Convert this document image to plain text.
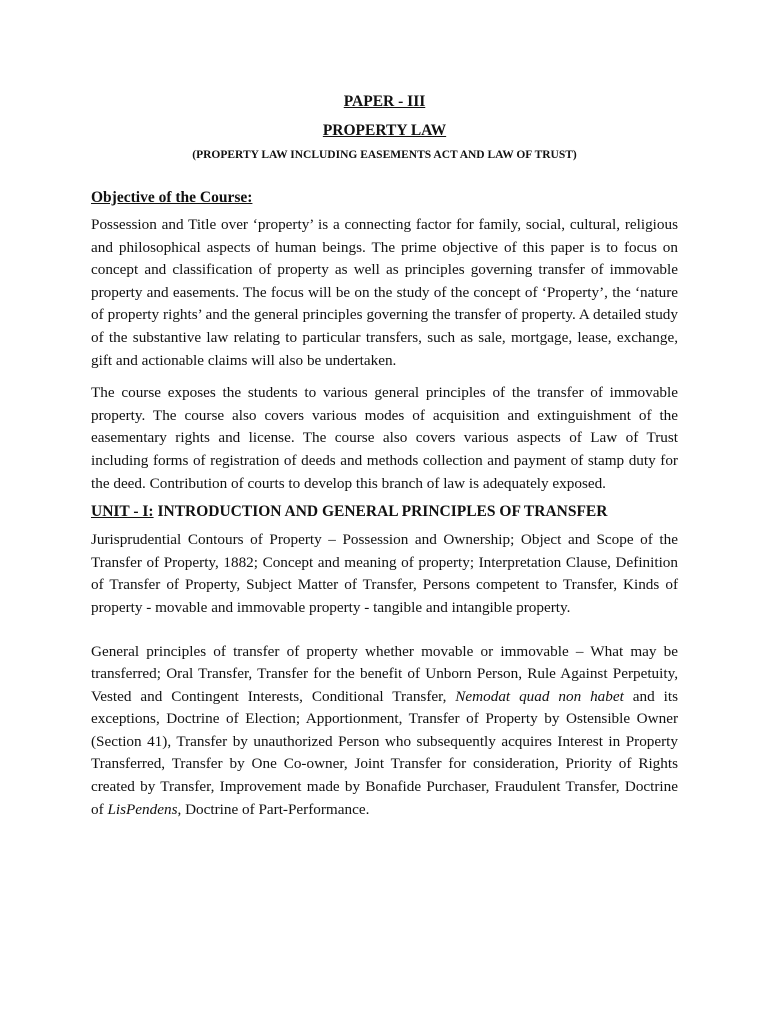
PAPER - III
PROPERTY LAW
(PROPERTY LAW INCLUDING EASEMENTS ACT AND LAW OF TRUST)
Objective of the Course:

Possession and Title over ‘property’ is a connecting factor for family, social, cultural, religious and philosophical aspects of human beings. The prime objective of this paper is to focus on concept and classification of property as well as principles governing transfer of immovable property and easements. The focus will be on the study of the concept of ‘Property’, the ‘nature of property rights’ and the general principles governing the transfer of property. A detailed study of the substantive law relating to particular transfers, such as sale, mortgage, lease, exchange, gift and actionable claims will also be undertaken.

The course exposes the students to various general principles of the transfer of immovable property. The course also covers various modes of acquisition and extinguishment of the easementary rights and license. The course also covers various aspects of Law of Trust including forms of registration of deeds and methods collection and payment of stamp duty for the deed. Contribution of courts to develop this branch of law is adequately exposed.

UNIT - I: INTRODUCTION AND GENERAL PRINCIPLES OF TRANSFER

Jurisprudential Contours of Property – Possession and Ownership; Object and Scope of the Transfer of Property, 1882; Concept and meaning of property; Interpretation Clause, Definition of Transfer of Property, Subject Matter of Transfer, Persons competent to Transfer, Kinds of property - movable and immovable property - tangible and intangible property.

General principles of transfer of property whether movable or immovable – What may be transferred; Oral Transfer, Transfer for the benefit of Unborn Person, Rule Against Perpetuity, Vested and Contingent Interests, Conditional Transfer, Nemodat quad non habet and its exceptions, Doctrine of Election; Apportionment, Transfer of Property by Ostensible Owner (Section 41), Transfer by unauthorized Person who subsequently acquires Interest in Property Transferred, Transfer by One Co-owner, Joint Transfer for consideration, Priority of Rights created by Transfer, Improvement made by Bonafide Purchaser, Fraudulent Transfer, Doctrine of LisPendens, Doctrine of Part-Performance.
